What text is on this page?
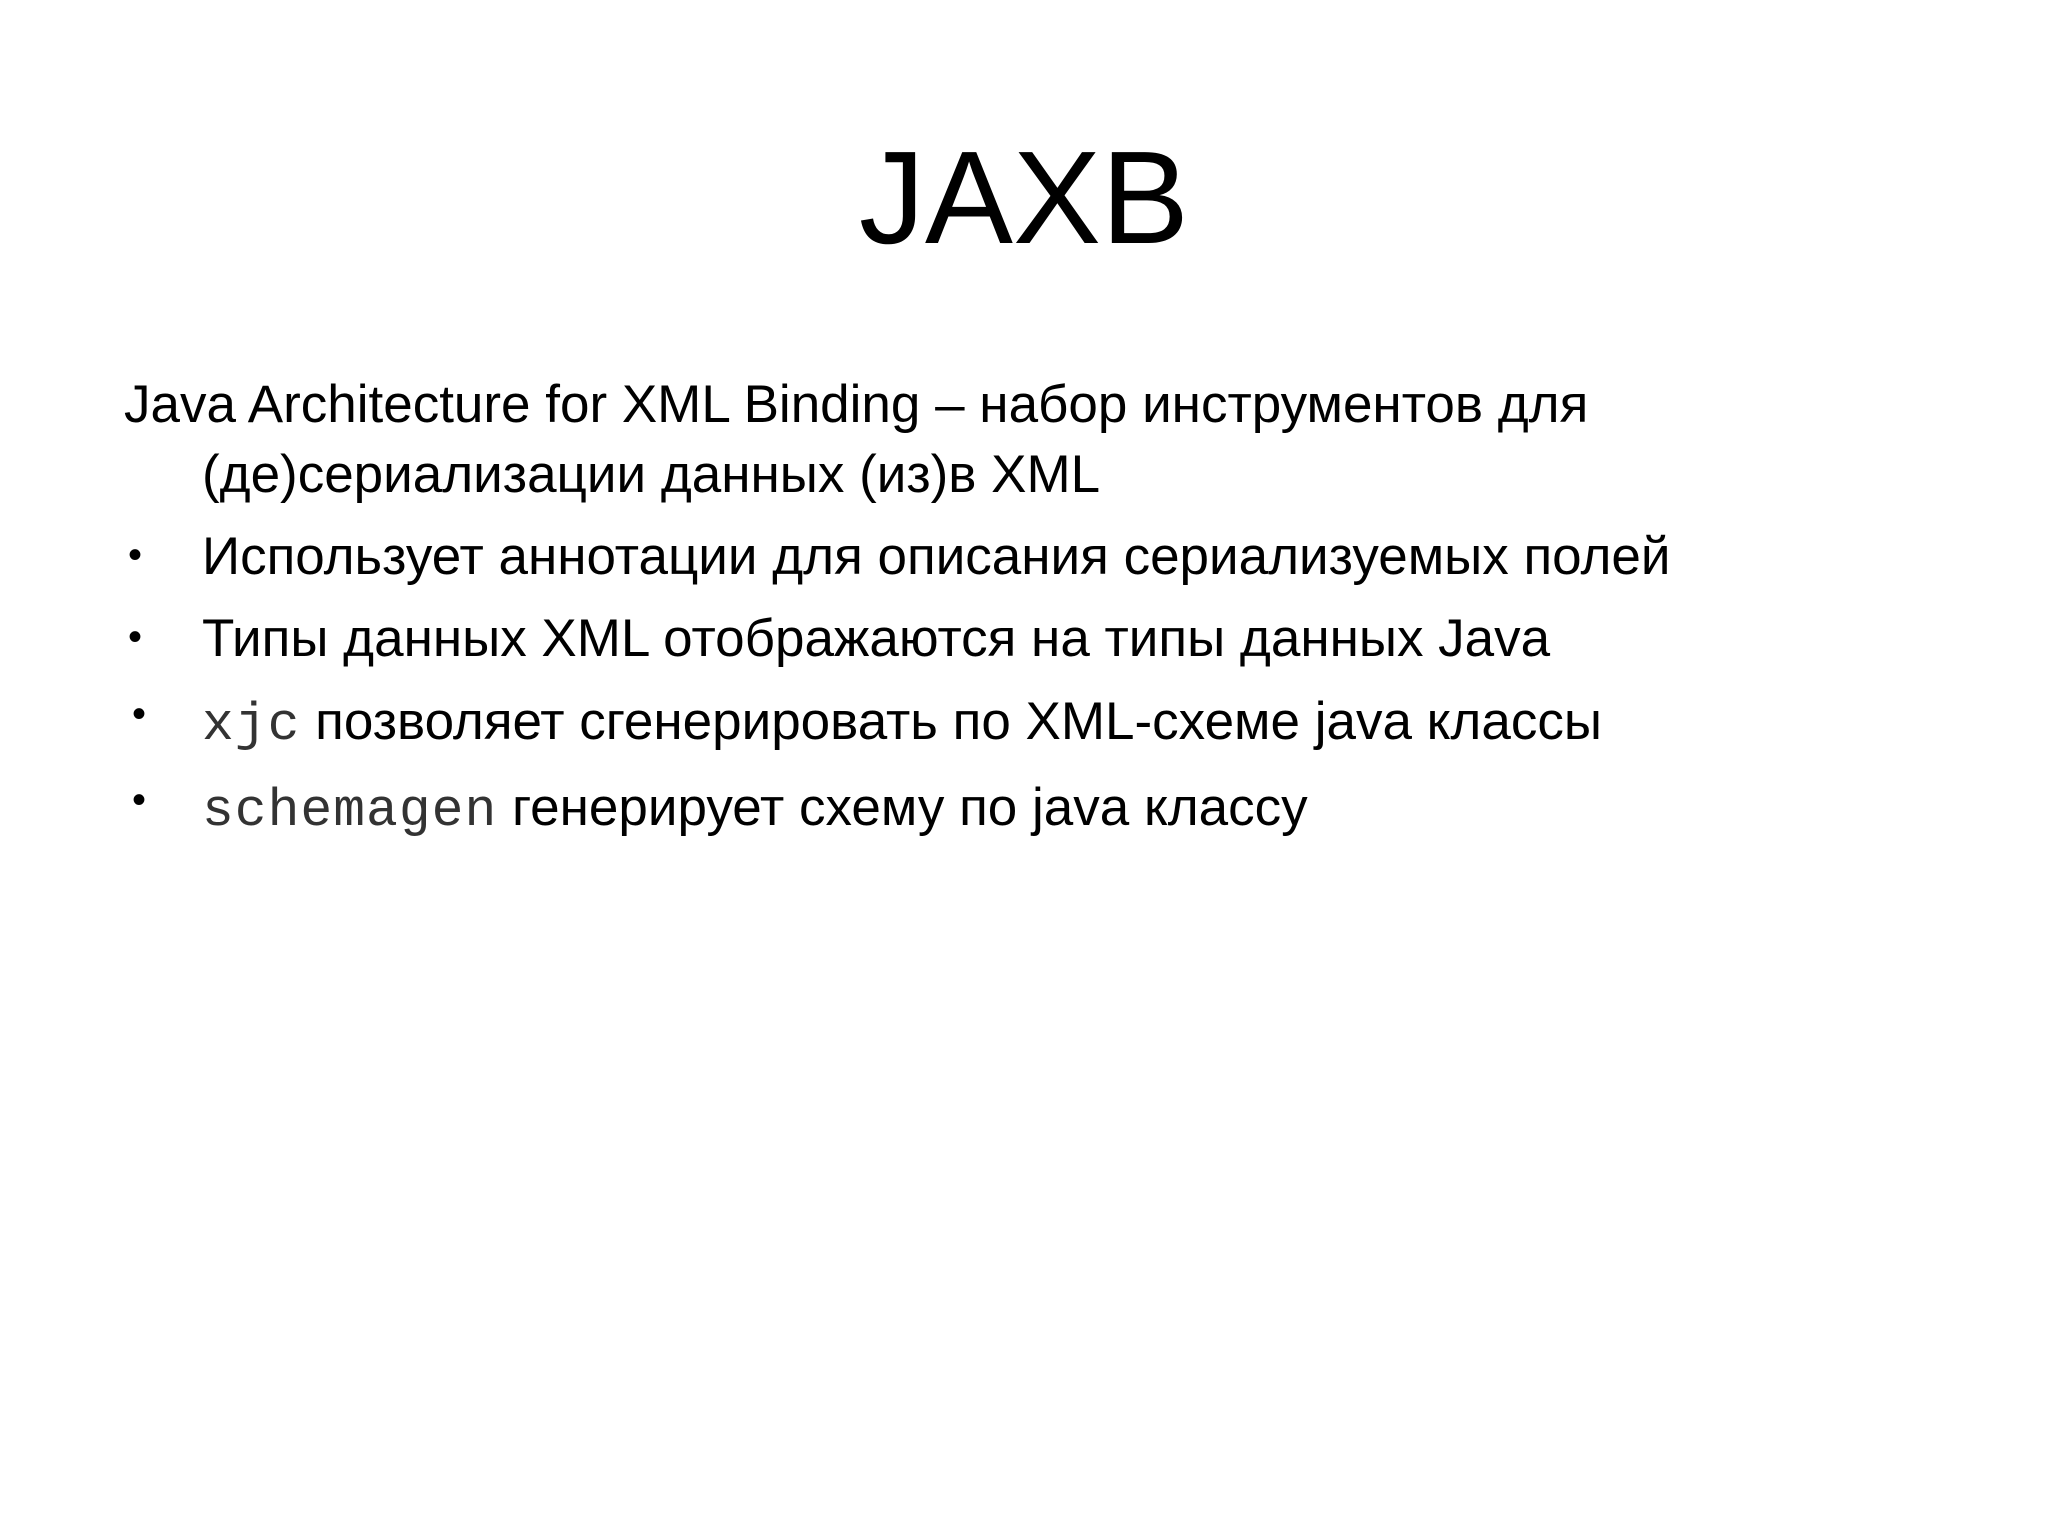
JAXB

Java Architecture for XML Binding – набор инструментов для (де)сериализации данных (из)в XML

• Использует аннотации для описания сериализуемых полей
• Типы данных XML отображаются на типы данных Java
• xjc позволяет сгенерировать по XML-схеме java классы
• schemagen генерирует схему по java классу
